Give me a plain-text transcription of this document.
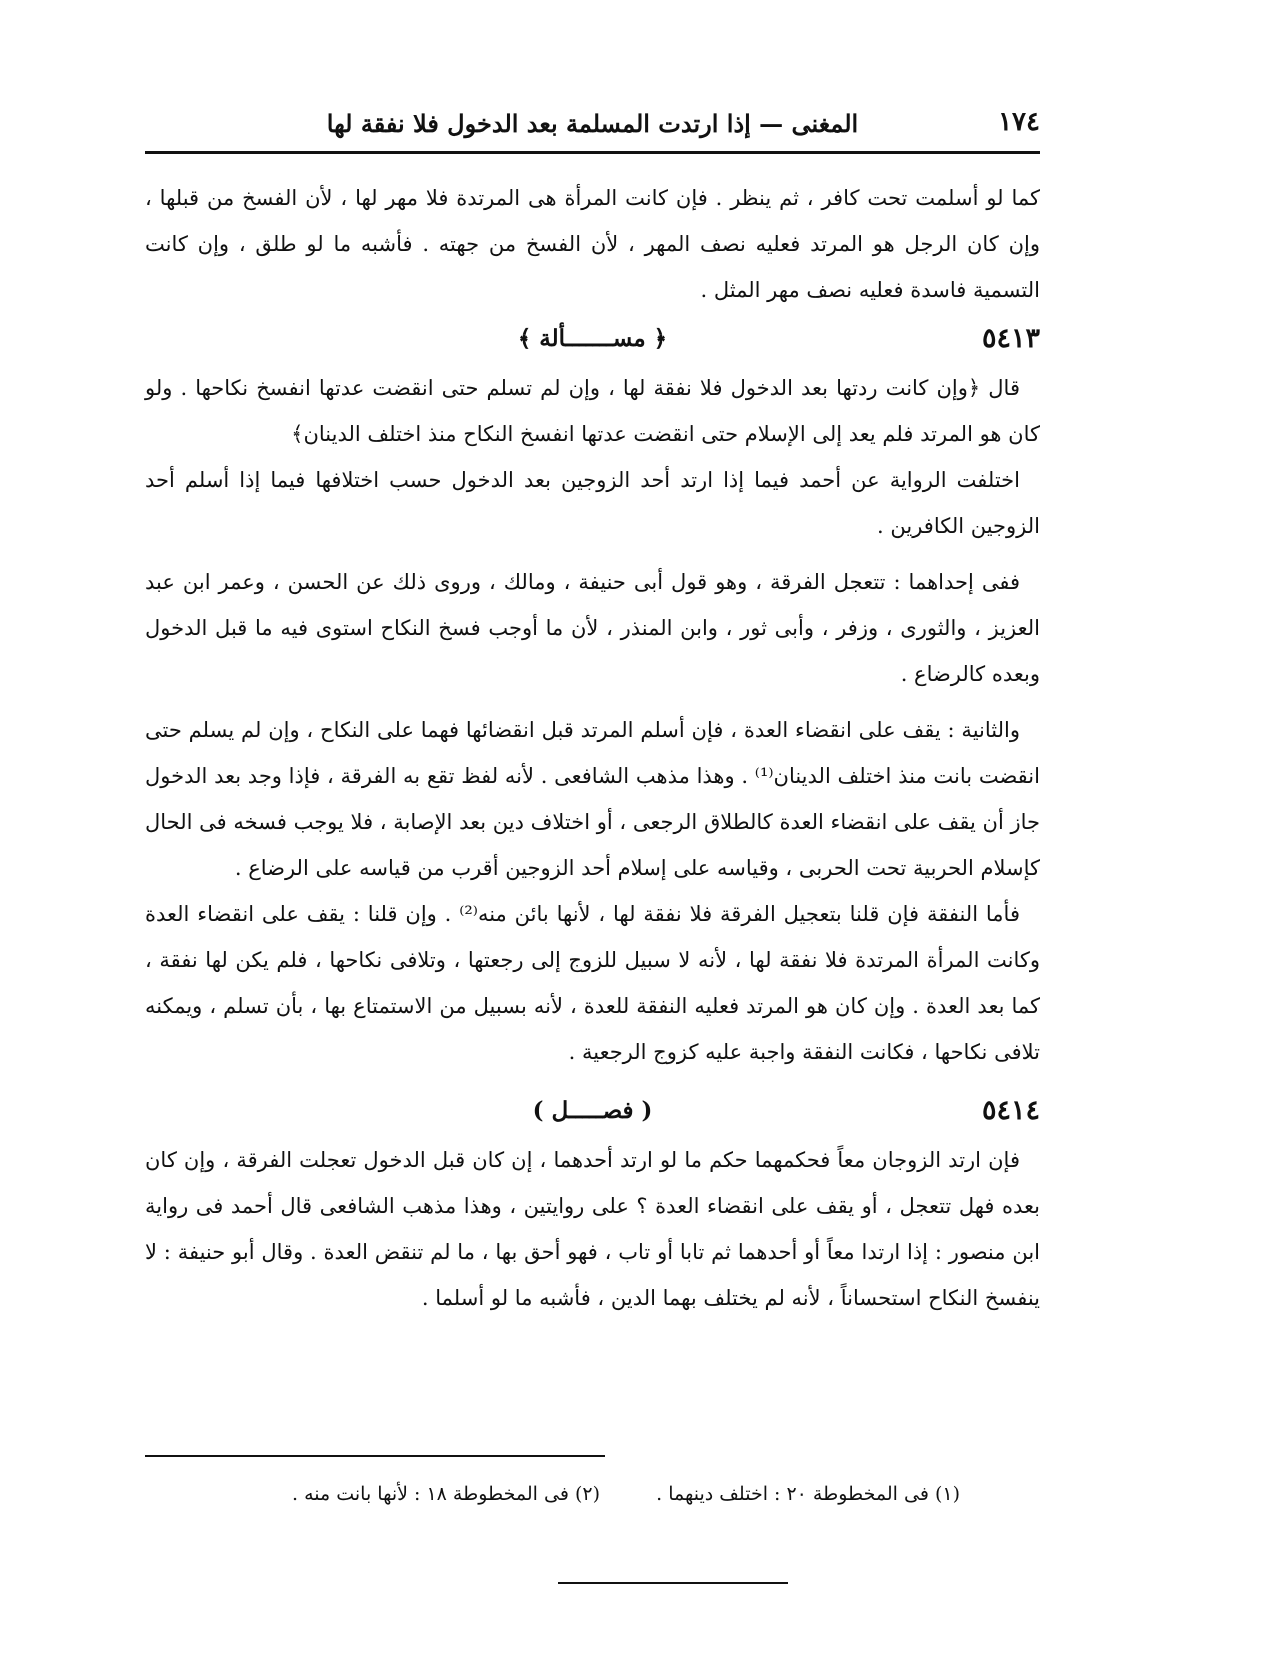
١٧٤
المغنى — إذا ارتدت المسلمة بعد الدخول فلا نفقة لها

كما لو أسلمت تحت كافر ، ثم ينظر . فإن كانت المرأة هى المرتدة فلا مهر لها ، لأن الفسخ من قبلها ، وإن كان الرجل هو المرتد فعليه نصف المهر ، لأن الفسخ من جهته . فأشبه ما لو طلق ، وإن كانت التسمية فاسدة فعليه نصف مهر المثل .

٥٤١٣
﴿ مســـــــألة ﴾

قال ﴿وإن كانت ردتها بعد الدخول فلا نفقة لها ، وإن لم تسلم حتى انقضت عدتها انفسخ نكاحها . ولو كان هو المرتد فلم يعد إلى الإسلام حتى انقضت عدتها انفسخ النكاح منذ اختلف الدينان﴾

اختلفت الرواية عن أحمد فيما إذا ارتد أحد الزوجين بعد الدخول حسب اختلافها فيما إذا أسلم أحد الزوجين الكافرين .

ففى إحداهما : تتعجل الفرقة ، وهو قول أبى حنيفة ، ومالك ، وروى ذلك عن الحسن ، وعمر ابن عبد العزيز ، والثورى ، وزفر ، وأبى ثور ، وابن المنذر ، لأن ما أوجب فسخ النكاح استوى فيه ما قبل الدخول وبعده كالرضاع .

والثانية : يقف على انقضاء العدة ، فإن أسلم المرتد قبل انقضائها فهما على النكاح ، وإن لم يسلم حتى انقضت بانت منذ اختلف الدينان⁽¹⁾ . وهذا مذهب الشافعى . لأنه لفظ تقع به الفرقة ، فإذا وجد بعد الدخول جاز أن يقف على انقضاء العدة كالطلاق الرجعى ، أو اختلاف دين بعد الإصابة ، فلا يوجب فسخه فى الحال كإسلام الحربية تحت الحربى ، وقياسه على إسلام أحد الزوجين أقرب من قياسه على الرضاع .

فأما النفقة فإن قلنا بتعجيل الفرقة فلا نفقة لها ، لأنها بائن منه⁽²⁾ . وإن قلنا : يقف على انقضاء العدة وكانت المرأة المرتدة فلا نفقة لها ، لأنه لا سبيل للزوج إلى رجعتها ، وتلافى نكاحها ، فلم يكن لها نفقة ، كما بعد العدة . وإن كان هو المرتد فعليه النفقة للعدة ، لأنه بسبيل من الاستمتاع بها ، بأن تسلم ، ويمكنه تلافى نكاحها ، فكانت النفقة واجبة عليه كزوج الرجعية .

٥٤١٤
( فصـــــل )

فإن ارتد الزوجان معاً فحكمهما حكم ما لو ارتد أحدهما ، إن كان قبل الدخول تعجلت الفرقة ، وإن كان بعده فهل تتعجل ، أو يقف على انقضاء العدة ؟ على روايتين ، وهذا مذهب الشافعى قال أحمد فى رواية ابن منصور : إذا ارتدا معاً أو أحدهما ثم تابا أو تاب ، فهو أحق بها ، ما لم تنقض العدة . وقال أبو حنيفة : لا ينفسخ النكاح استحساناً ، لأنه لم يختلف بهما الدين ، فأشبه ما لو أسلما .

(١) فى المخطوطة ٢٠ : اختلف دينهما .
(٢) فى المخطوطة ١٨ : لأنها بانت منه .
